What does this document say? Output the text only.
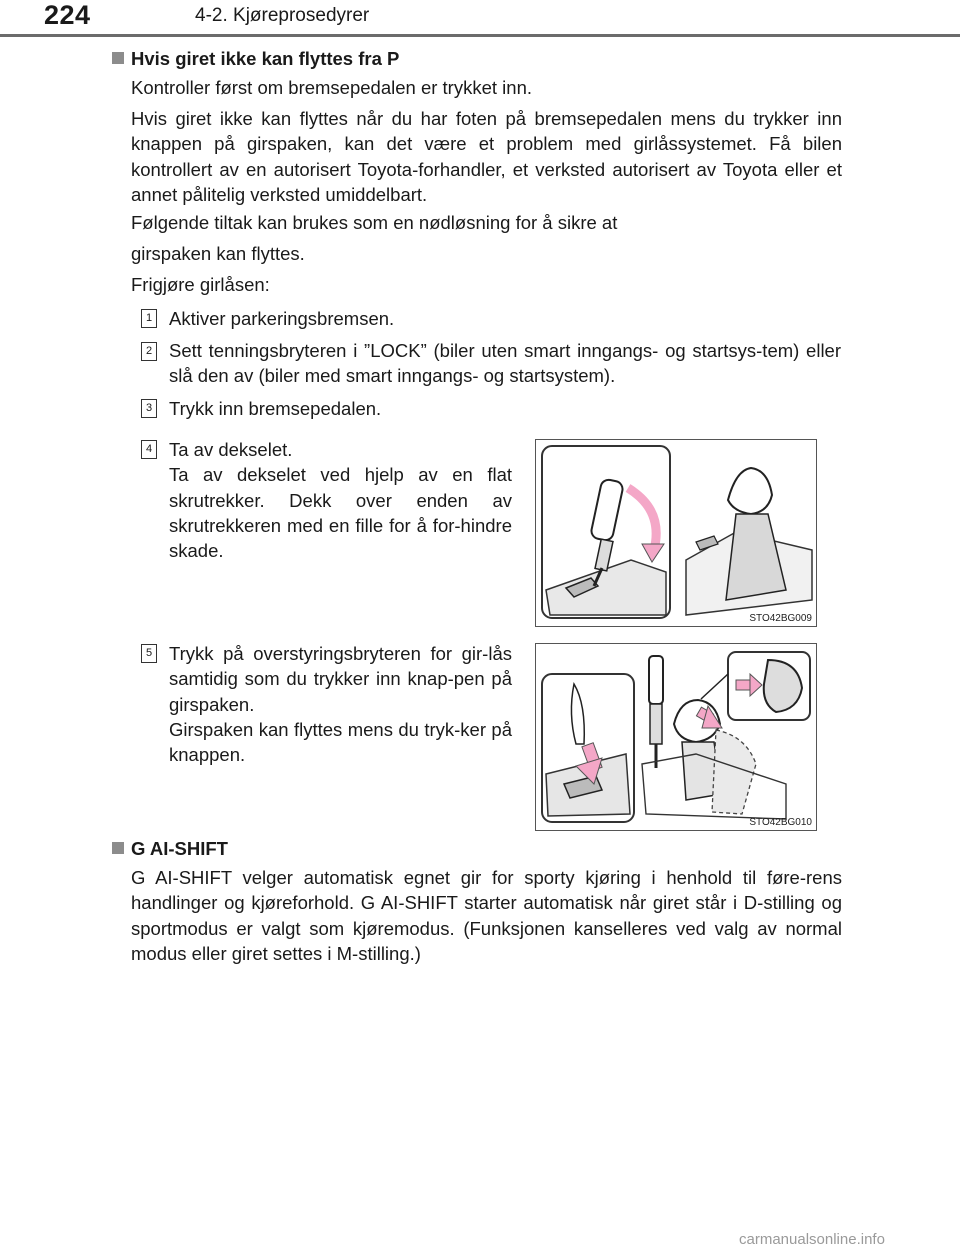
224	4-2. Kjøreprosedyrer
Hvis giret ikke kan flyttes fra P
Kontroller først om bremsepedalen er trykket inn.
Hvis giret ikke kan flyttes når du har foten på bremsepedalen mens du trykker inn knappen på girspaken, kan det være et problem med girlåssystemet. Få bilen kontrollert av en autorisert Toyota-forhandler, et verksted autorisert av Toyota eller et annet pålitelig verksted umiddelbart.
Følgende tiltak kan brukes som en nødløsning for å sikre at
girspaken kan flyttes.
Frigjøre girlåsen:
1 Aktiver parkeringsbremsen.
2 Sett tenningsbryteren i ”LOCK” (biler uten smart inngangs- og startsys-tem) eller slå den av (biler med smart inngangs- og startsystem).
3 Trykk inn bremsepedalen.
4 Ta av dekselet.
Ta av dekselet ved hjelp av en flat skrutrekker. Dekk over enden av skrutrekkeren med en fille for å for-hindre skade.
5 Trykk på overstyringsbryteren for gir-lås samtidig som du trykker inn knap-pen på girspaken.
Girspaken kan flyttes mens du tryk-ker på knappen.
STO42BG009
STO42BG010
G AI-SHIFT
G AI-SHIFT velger automatisk egnet gir for sporty kjøring i henhold til føre-rens handlinger og kjøreforhold. G AI-SHIFT starter automatisk når giret står i D-stilling og sportmodus er valgt som kjøremodus. (Funksjonen kanselleres ved valg av normal modus eller giret settes i M-stilling.)
carmanualsonline.info
